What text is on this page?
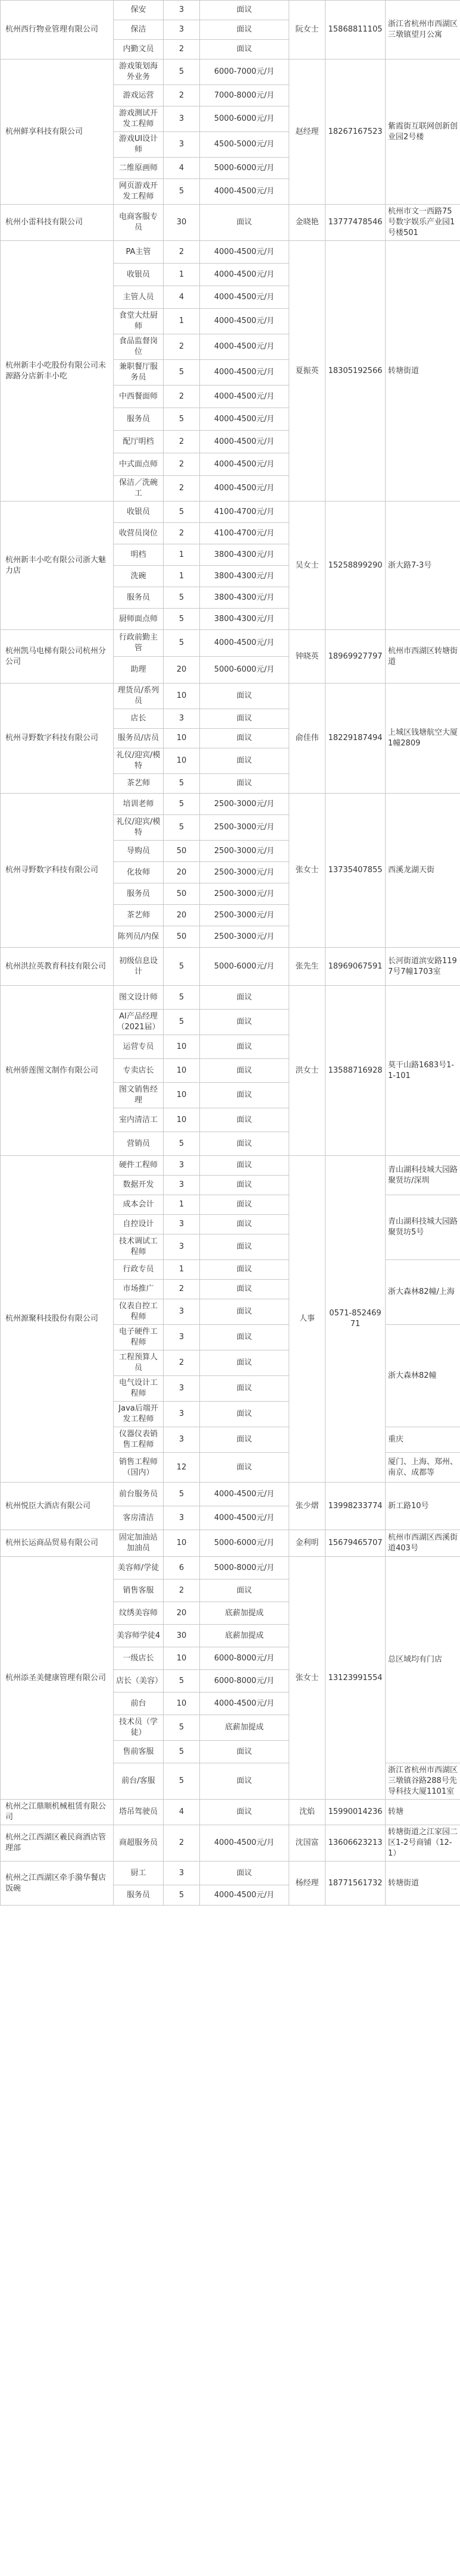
杭州西行物业管理有限公司	保安	3	面议	阮女士	15868811105	浙江省杭州市西湖区三墩镇望月公寓
	保洁	3	面议			
	内勤文员	2	面议			
杭州鲜享科技有限公司	游戏策划海外业务	5	6000-7000元/月	赵经理	18267167523	紫霞街互联网创新创业园2号楼
	游戏运营	2	7000-8000元/月			
	游戏测试开发工程师	3	5000-6000元/月			
	游戏UI设计师	3	4500-5000元/月			
	二维原画师	4	5000-6000元/月			
	网页游戏开发工程师	5	4000-4500元/月			
杭州小雷科技有限公司	电商客服专员	30	面议	金晓艳	13777478546	杭州市文一西路75号数字娱乐产业园1号楼501
杭州新丰小吃股份有限公司未源路分店新丰小吃	PA主管	2	4000-4500元/月	夏振英	18305192566	转塘街道
	收银员	1	4000-4500元/月			
	主管人员	4	4000-4500元/月			
	食堂大灶厨师	1	4000-4500元/月			
	食品监督岗位	2	4000-4500元/月			
	兼职餐厅服务员	5	4000-4500元/月			
	中西餐面师	2	4000-4500元/月			
	服务员	5	4000-4500元/月			
	配厅明档	2	4000-4500元/月			
	中式面点师	2	4000-4500元/月			
	保洁／洗碗工	2	4000-4500元/月			
杭州新丰小吃有限公司浙大魅力店	收银员	5	4100-4700元/月	吴女士	15258899290	浙大路7-3号
	收营员岗位	2	4100-4700元/月			
	明档	1	3800-4300元/月			
	洗碗	1	3800-4300元/月			
	服务员	5	3800-4300元/月			
	厨师面点师	5	3800-4300元/月			
杭州凯马电梯有限公司杭州分公司	行政前勤主管	5	4000-4500元/月	钟晓英	18969927797	杭州市西湖区转塘街道
	助理	20	5000-6000元/月			
杭州寻野数字科技有限公司	理货员/系列员	10	面议	俞佳伟	18229187494	上城区钱塘航空大厦1幢2809
	店长	3	面议			
	服务员/店员	10	面议			
	礼仪/迎宾/模特	10	面议			
	茶艺师	5	面议			
杭州寻野数字科技有限公司	培训老师	5	2500-3000元/月	张女士	13735407855	西溪龙湖天街
	礼仪/迎宾/模特	5	2500-3000元/月			
	导购员	50	2500-3000元/月			
	化妆师	20	2500-3000元/月			
	服务员	50	2500-3000元/月			
	茶艺师	20	2500-3000元/月			
	陈列员/内保	50	2500-3000元/月			
杭州洪拉英教育科技有限公司	初级信息设计	5	5000-6000元/月	张先生	18969067591	长河街道滨安路1197号7幢1703室
杭州骄莲图文制作有限公司	图文设计师	5	面议	洪女士	13588716928	莫干山路1683号1-1-101
	AI产品经理（2021届）	5	面议			
	运营专员	10	面议			
	专卖店长	10	面议			
	图文销售经理	10	面议			
	室内清洁工	10	面议			
	营销员	5	面议			
杭州源聚科技股份有限公司	硬件工程师	3	面议	人事	0571-85246971	青山湖科技城大园路聚贤坊/深圳
	数据开发	3	面议			
	成本会计	1	面议			青山湖科技城大园路聚贤坊5号
	自控设计	3	面议			
	技术调试工程师	3	面议			
	行政专员	1	面议			浙大森林82幢/上海
	市场推广	2	面议			
	仪表自控工程师	3	面议			
	电子硬件工程师	3	面议			浙大森林82幢
	工程预算人员	2	面议			
	电气设计工程师	3	面议			
	Java后端开发工程师	3	面议			
	仪器仪表销售工程师	3	面议			重庆
	销售工程师（国内）	12	面议			厦门、上海、郑州、南京、成都等
杭州悦臣大酒店有限公司	前台服务员	5	4000-4500元/月	张少熠	13998233774	新工路10号
	客房清洁	3	4000-4500元/月			
杭州长运商品贸易有限公司	固定加油站加油员	10	5000-6000元/月	金利明	15679465707	杭州市西湖区西溪街道403号
杭州添圣美健康管理有限公司	美容师/学徒	6	5000-8000元/月	张女士	13123991554	总区域均有门店
	销售客服	2	面议			
	纹绣美容师	20	底薪加提成			
	美容师学徒4	30	底薪加提成			
	一级店长	10	6000-8000元/月			
	店长（美容）	5	6000-8000元/月			
	前台	10	4000-4500元/月			
	技术员（学徒）	5	底薪加提成			
	售前客服	5	面议			
	前台/客服	5	面议			浙江省杭州市西湖区三墩镇谷路288号先导科技大厦1101室
杭州之江鼎顺机械租赁有限公司	塔吊驾驶员	4	面议	沈焰	15990014236	转塘
杭州之江西湖区羲民商酒店管理部	商超服务员	2	4000-4500元/月	沈国富	13606623213	转塘街道之江家园二区1-2号商铺（12-1）
杭州之江西湖区牵手漪华餐店饭碗	厨工	3	面议	杨经理	18771561732	转塘街道
	服务员	5	4000-4500元/月			
